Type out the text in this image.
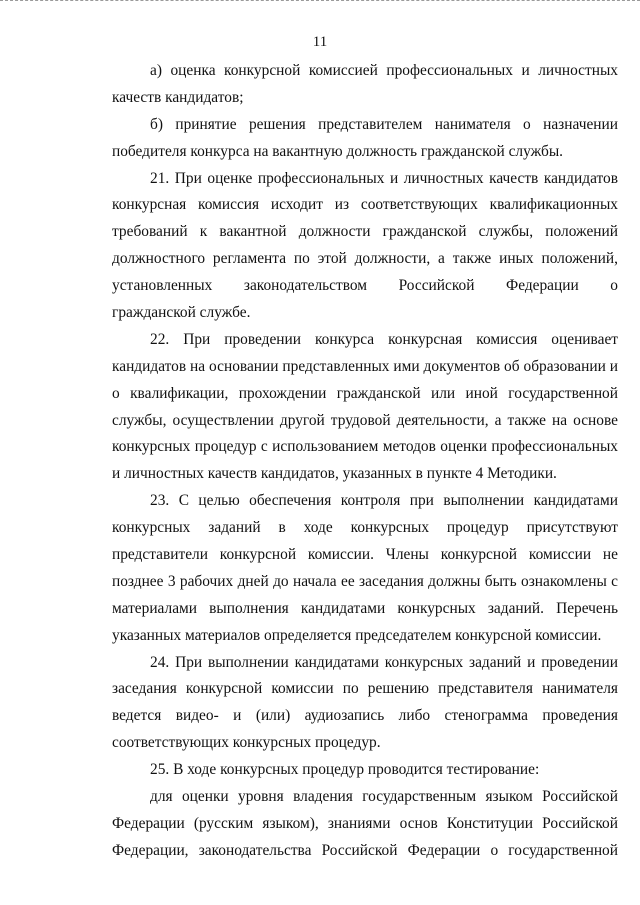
11
а) оценка конкурсной комиссией профессиональных и личностных
качеств кандидатов;
б) принятие решения представителем нанимателя о назначении
победителя конкурса на вакантную должность гражданской службы.
21. При оценке профессиональных и личностных качеств кандидатов
конкурсная комиссия исходит из соответствующих квалификационных
требований к вакантной должности гражданской службы, положений
должностного регламента по этой должности, а также иных положений,
установленных законодательством Российской Федерации о
гражданской службе.
22. При проведении конкурса конкурсная комиссия оценивает
кандидатов на основании представленных ими документов об образовании и
о квалификации, прохождении гражданской или иной государственной
службы, осуществлении другой трудовой деятельности, а также на основе
конкурсных процедур с использованием методов оценки профессиональных
и личностных качеств кандидатов, указанных в пункте 4 Методики.
23. С целью обеспечения контроля при выполнении кандидатами
конкурсных заданий в ходе конкурсных процедур присутствуют
представители конкурсной комиссии. Члены конкурсной комиссии не
позднее 3 рабочих дней до начала ее заседания должны быть ознакомлены с
материалами выполнения кандидатами конкурсных заданий. Перечень
указанных материалов определяется председателем конкурсной комиссии.
24. При выполнении кандидатами конкурсных заданий и проведении
заседания конкурсной комиссии по решению представителя нанимателя
ведется видео- и (или) аудиозапись либо стенограмма проведения
соответствующих конкурсных процедур.
25. В ходе конкурсных процедур проводится тестирование:
для оценки уровня владения государственным языком Российской
Федерации (русским языком), знаниями основ Конституции Российской
Федерации, законодательства Российской Федерации о государственной
